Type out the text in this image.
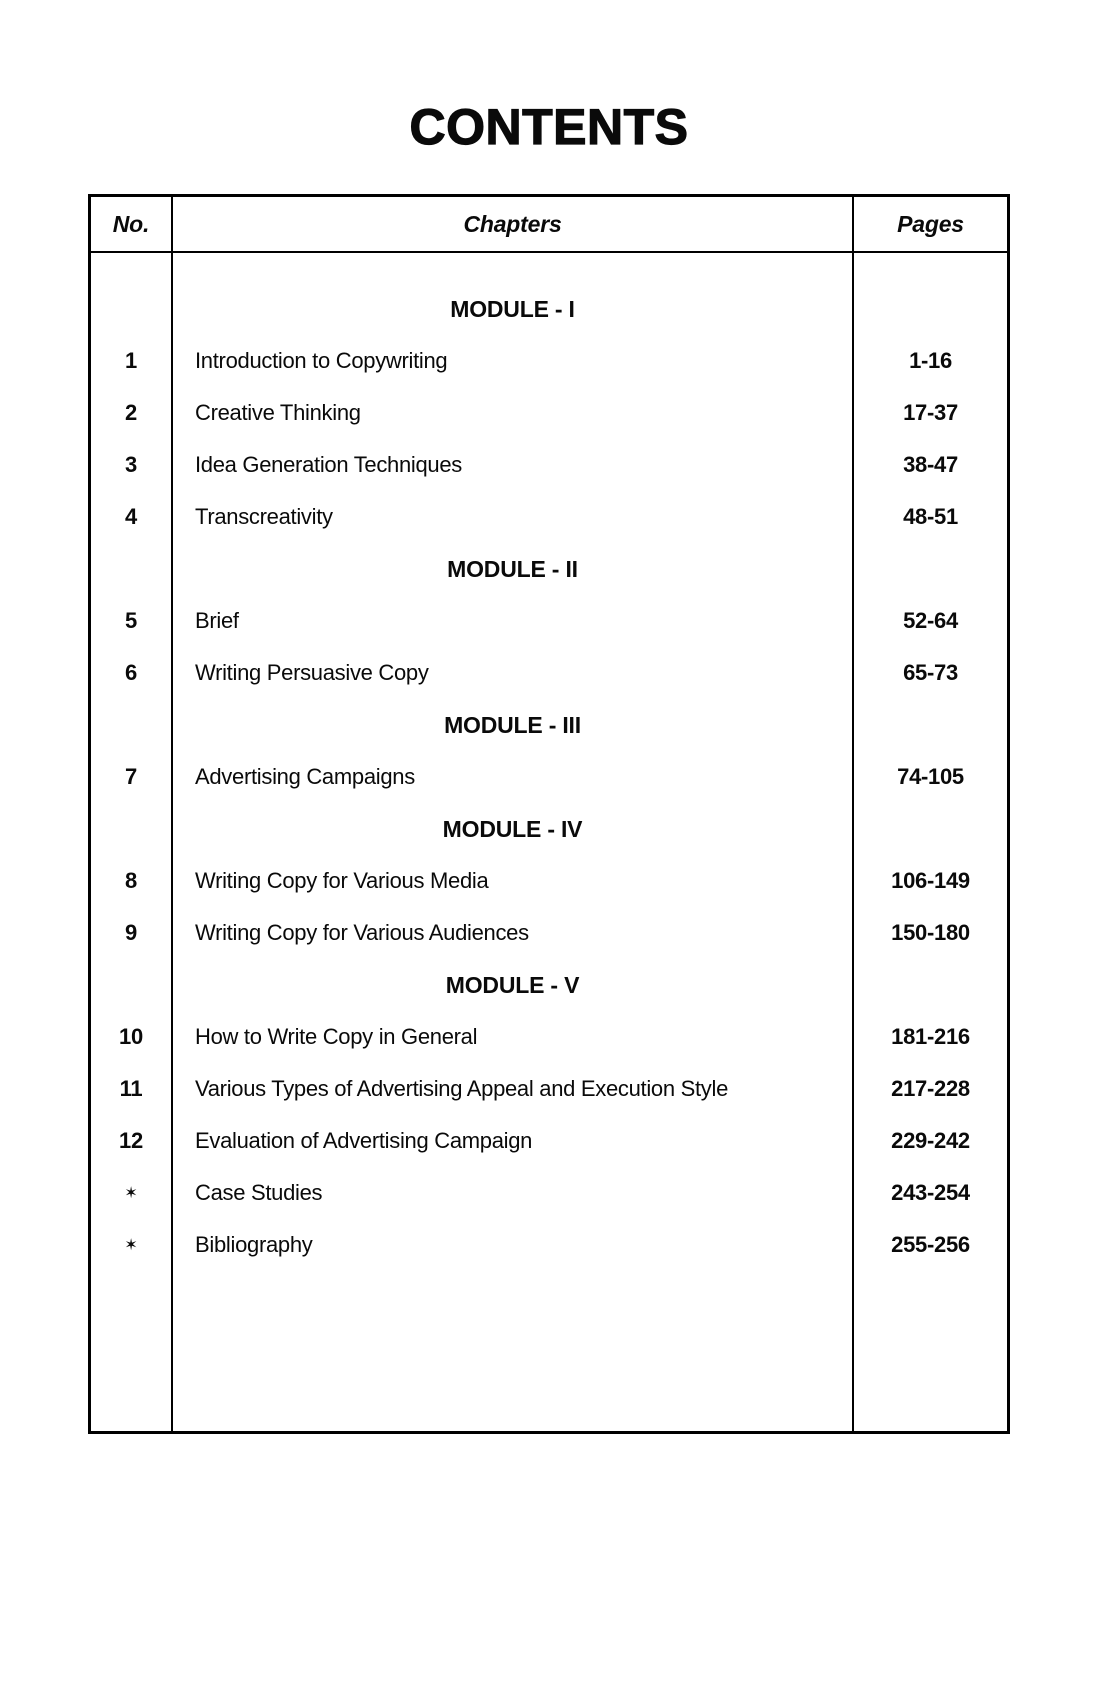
CONTENTS
No.	Chapters	Pages
MODULE - I
1	Introduction to Copywriting	1-16
2	Creative Thinking	17-37
3	Idea Generation Techniques	38-47
4	Transcreativity	48-51
MODULE - II
5	Brief	52-64
6	Writing Persuasive Copy	65-73
MODULE - III
7	Advertising Campaigns	74-105
MODULE - IV
8	Writing Copy for Various Media	106-149
9	Writing Copy for Various Audiences	150-180
MODULE - V
10 How to Write Copy in General	181-216
11 Various Types of Advertising Appeal and Execution Style	217-228
12 Evaluation of Advertising Campaign	229-242
✶	Case Studies	243-254
✶	Bibliography	255-256
